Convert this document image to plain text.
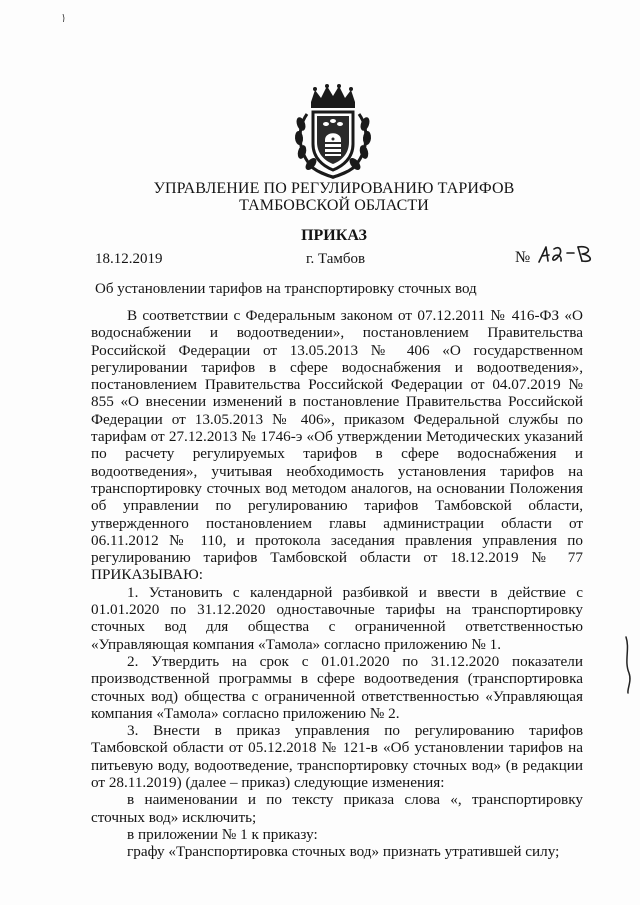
УПРАВЛЕНИЕ ПО РЕГУЛИРОВАНИЮ ТАРИФОВ
ТАМБОВСКОЙ ОБЛАСТИ
ПРИКАЗ
18.12.2019	г. Тамбов	№
Об установлении тарифов на транспортировку сточных вод

В соответствии с Федеральным законом от 07.12.2011 № 416-ФЗ «О водоснабжении и водоотведении», постановлением Правительства Российской Федерации от 13.05.2013 № 406 «О государственном регулировании тарифов в сфере водоснабжения и водоотведения», постановлением Правительства Российской Федерации от 04.07.2019 № 855 «О внесении изменений в постановление Правительства Российской Федерации от 13.05.2013 № 406», приказом Федеральной службы по тарифам от 27.12.2013 № 1746-э «Об утверждении Методических указаний по расчету регулируемых тарифов в сфере водоснабжения и водоотведения», учитывая необходимость установления тарифов на транспортировку сточных вод методом аналогов, на основании Положения об управлении по регулированию тарифов Тамбовской области, утвержденного постановлением главы администрации области от 06.11.2012 № 110, и протокола заседания правления управления по регулированию тарифов Тамбовской области от 18.12.2019 № 77 ПРИКАЗЫВАЮ:

1. Установить с календарной разбивкой и ввести в действие с 01.01.2020 по 31.12.2020 одноставочные тарифы на транспортировку сточных вод для общества с ограниченной ответственностью «Управляющая компания «Тамола» согласно приложению № 1.

2. Утвердить на срок с 01.01.2020 по 31.12.2020 показатели производственной программы в сфере водоотведения (транспортировка сточных вод) общества с ограниченной ответственностью «Управляющая компания «Тамола» согласно приложению № 2.

3. Внести в приказ управления по регулированию тарифов Тамбовской области от 05.12.2018 № 121-в «Об установлении тарифов на питьевую воду, водоотведение, транспортировку сточных вод» (в редакции от 28.11.2019) (далее – приказ) следующие изменения:

в наименовании и по тексту приказа слова «, транспортировку сточных вод» исключить;

в приложении № 1 к приказу:

графу «Транспортировка сточных вод» признать утратившей силу;
